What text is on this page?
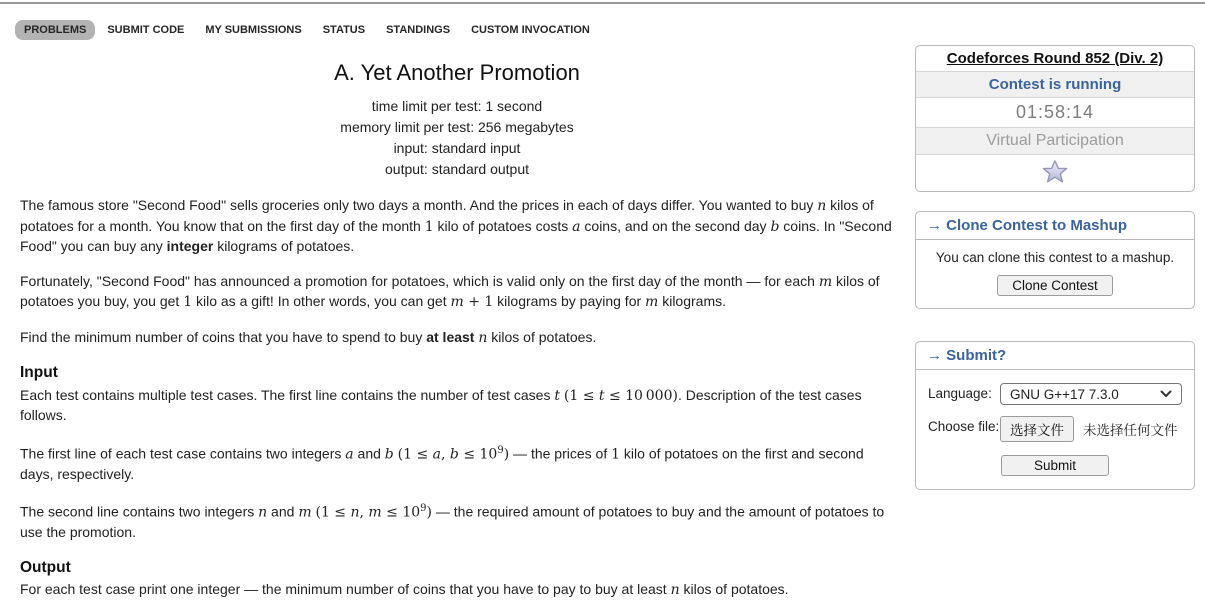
PROBLEMS	SUBMIT CODE	MY SUBMISSIONS	STATUS	STANDINGS	CUSTOM INVOCATION
A. Yet Another Promotion
time limit per test: 1 second
memory limit per test: 256 megabytes
input: standard input
output: standard output

The famous store "Second Food" sells groceries only two days a month. And the prices in each of days differ. You wanted to buy n kilos of potatoes for a month. You know that on the first day of the month 1 kilo of potatoes costs a coins, and on the second day b coins. In "Second Food" you can buy any integer kilograms of potatoes.

Fortunately, "Second Food" has announced a promotion for potatoes, which is valid only on the first day of the month — for each m kilos of potatoes you buy, you get 1 kilo as a gift! In other words, you can get m + 1 kilograms by paying for m kilograms.

Find the minimum number of coins that you have to spend to buy at least n kilos of potatoes.

Input

Each test contains multiple test cases. The first line contains the number of test cases t (1 ≤ t ≤ 10 000). Description of the test cases follows.

The first line of each test case contains two integers a and b (1 ≤ a, $b \le 10^9$) — the prices of 1 kilo of potatoes on the first and second days, respectively.

The second line contains two integers n and m (1 ≤ n, $m \le 10^9$) — the required amount of potatoes to buy and the amount of potatoes to use the promotion.

Output

For each test case print one integer — the minimum number of coins that you have to pay to buy at least n kilos of potatoes.

Codeforces Round 852 (Div. 2)
Contest is running
01:58:14
Virtual Participation
→ Clone Contest to Mashup
You can clone this contest to a mashup.
Clone Contest
→ Submit?
Language:	GNU G++17 7.3.0
Choose file: 选择文件	未选择任何文件
Submit
